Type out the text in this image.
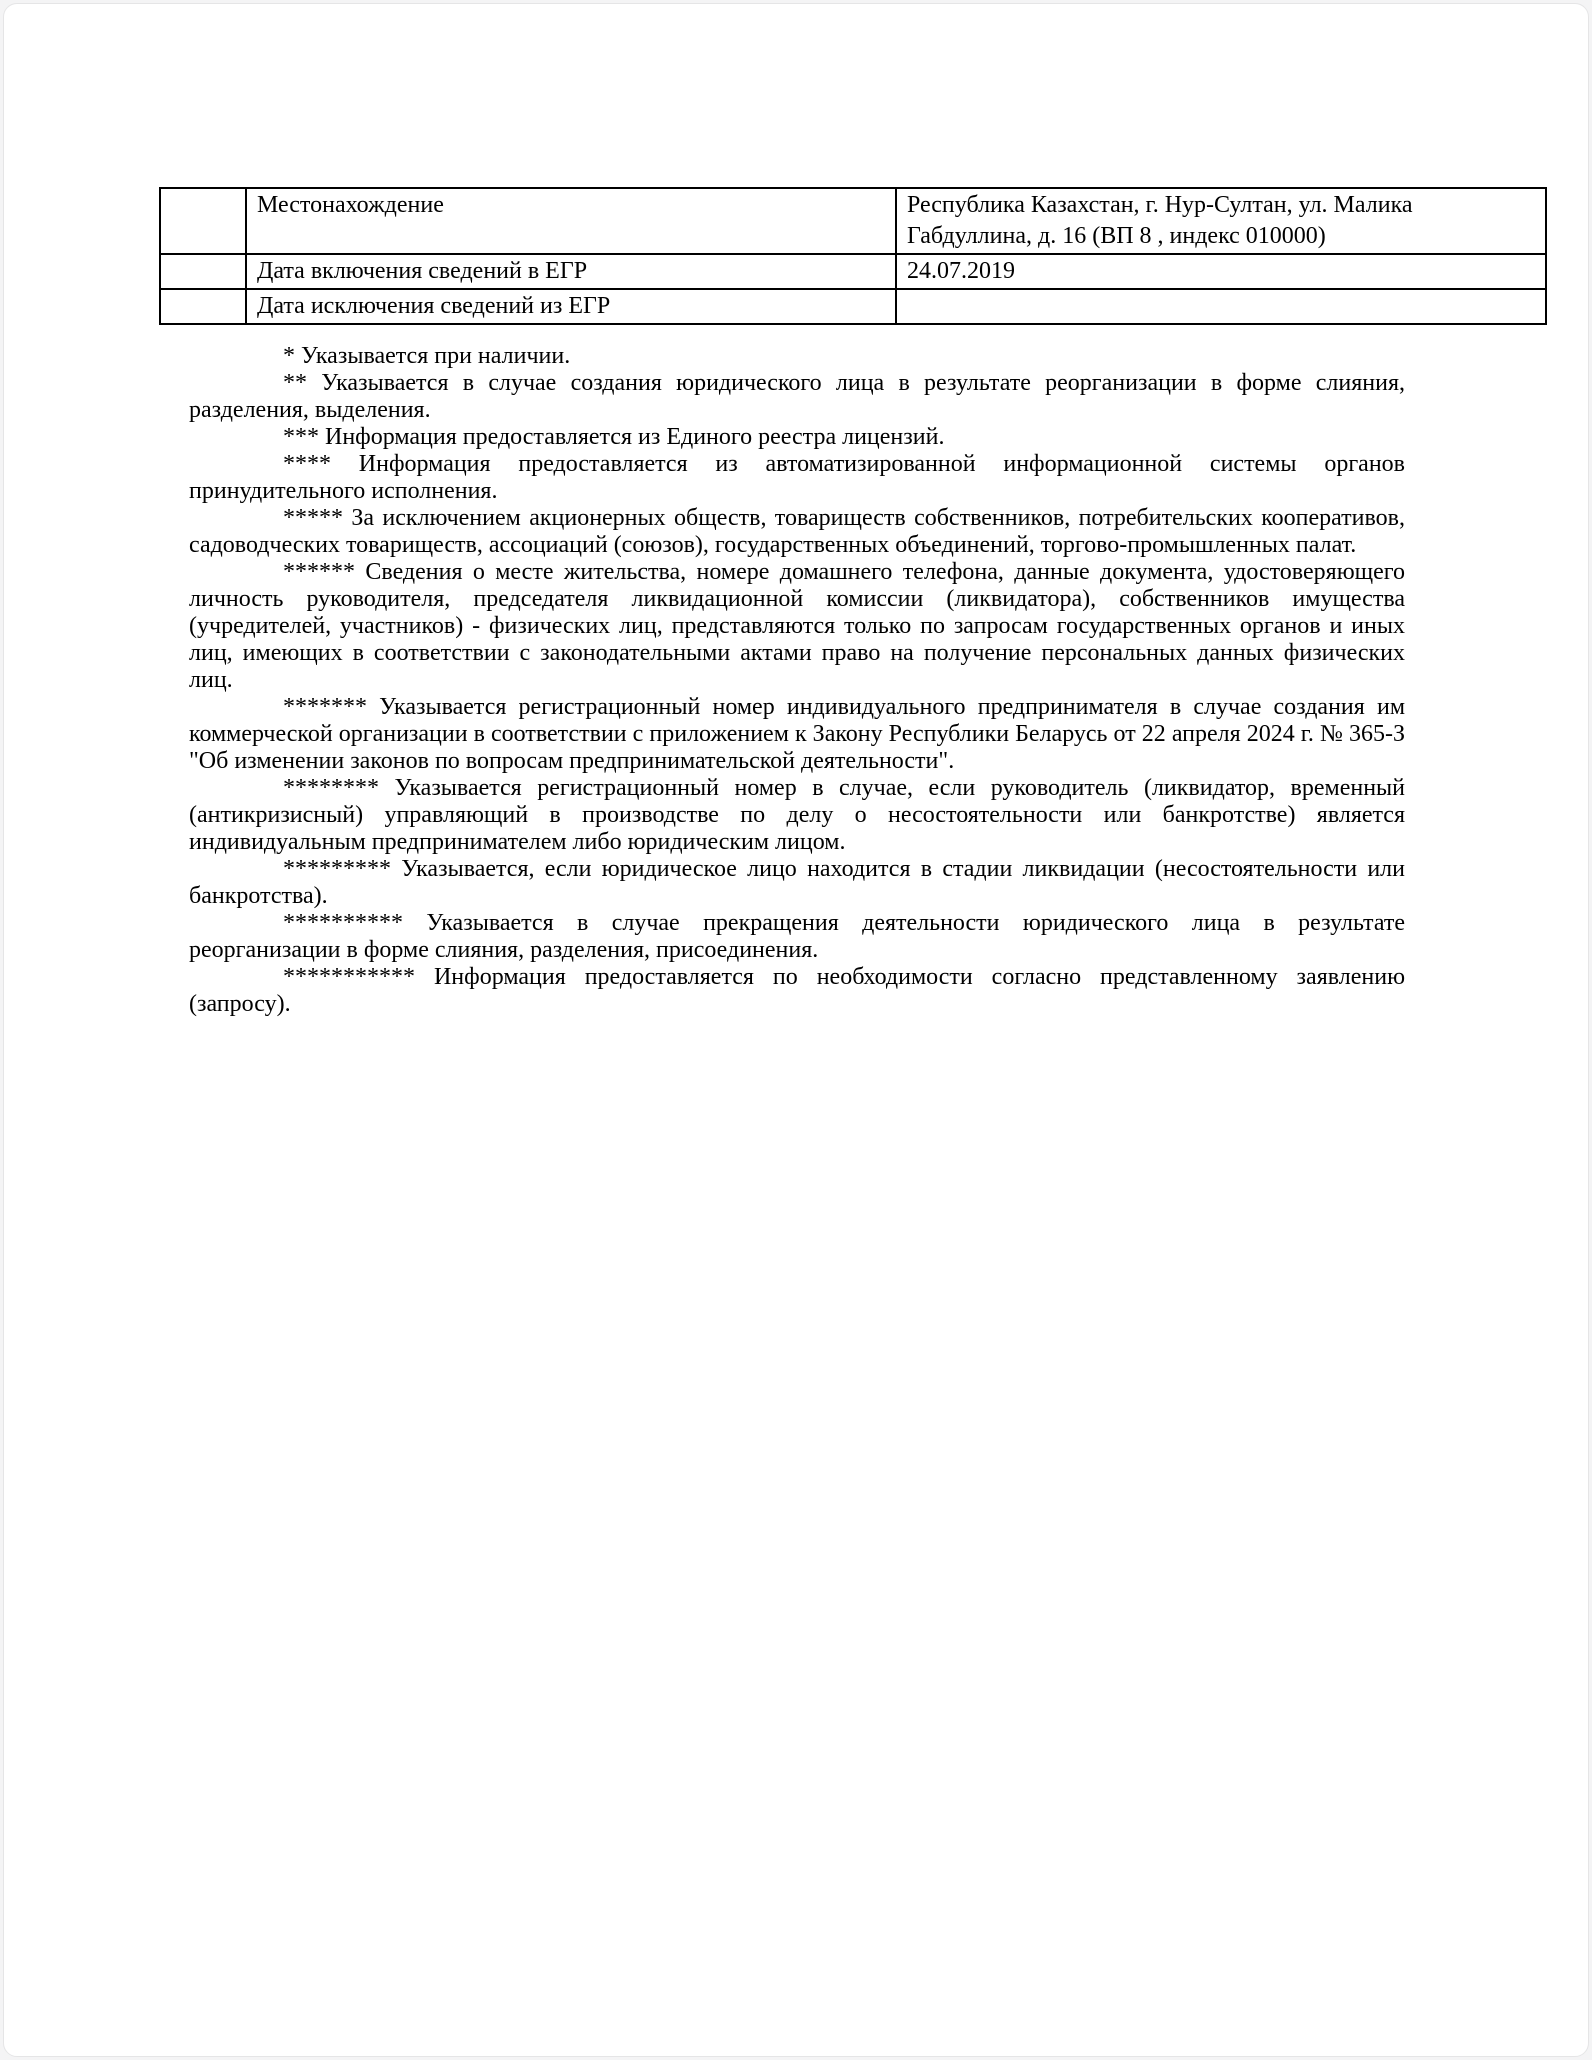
	Местонахождение	Республика Казахстан, г. Нур-Султан, ул. Малика Габдуллина, д. 16 (ВП 8 , индекс 010000)
	Дата включения сведений в ЕГР	24.07.2019
	Дата исключения сведений из ЕГР	

* Указывается при наличии.

** Указывается в случае создания юридического лица в результате реорганизации в форме слияния, разделения, выделения.

*** Информация предоставляется из Единого реестра лицензий.

**** Информация предоставляется из автоматизированной информационной системы органов принудительного исполнения.

***** За исключением акционерных обществ, товариществ собственников, потребительских кооперативов, садоводческих товариществ, ассоциаций (союзов), государственных объединений, торгово-промышленных палат.

****** Сведения о месте жительства, номере домашнего телефона, данные документа, удостоверяющего личность руководителя, председателя ликвидационной комиссии (ликвидатора), собственников имущества (учредителей, участников) - физических лиц, представляются только по запросам государственных органов и иных лиц, имеющих в соответствии с законодательными актами право на получение персональных данных физических лиц.

******* Указывается регистрационный номер индивидуального предпринимателя в случае создания им коммерческой организации в соответствии с приложением к Закону Республики Беларусь от 22 апреля 2024 г. № 365-З "Об изменении законов по вопросам предпринимательской деятельности".

******** Указывается регистрационный номер в случае, если руководитель (ликвидатор, временный (антикризисный) управляющий в производстве по делу о несостоятельности или банкротстве) является индивидуальным предпринимателем либо юридическим лицом.

********* Указывается, если юридическое лицо находится в стадии ликвидации (несостоятельности или банкротства).

********** Указывается в случае прекращения деятельности юридического лица в результате реорганизации в форме слияния, разделения, присоединения.

*********** Информация предоставляется по необходимости согласно представленному заявлению (запросу).
